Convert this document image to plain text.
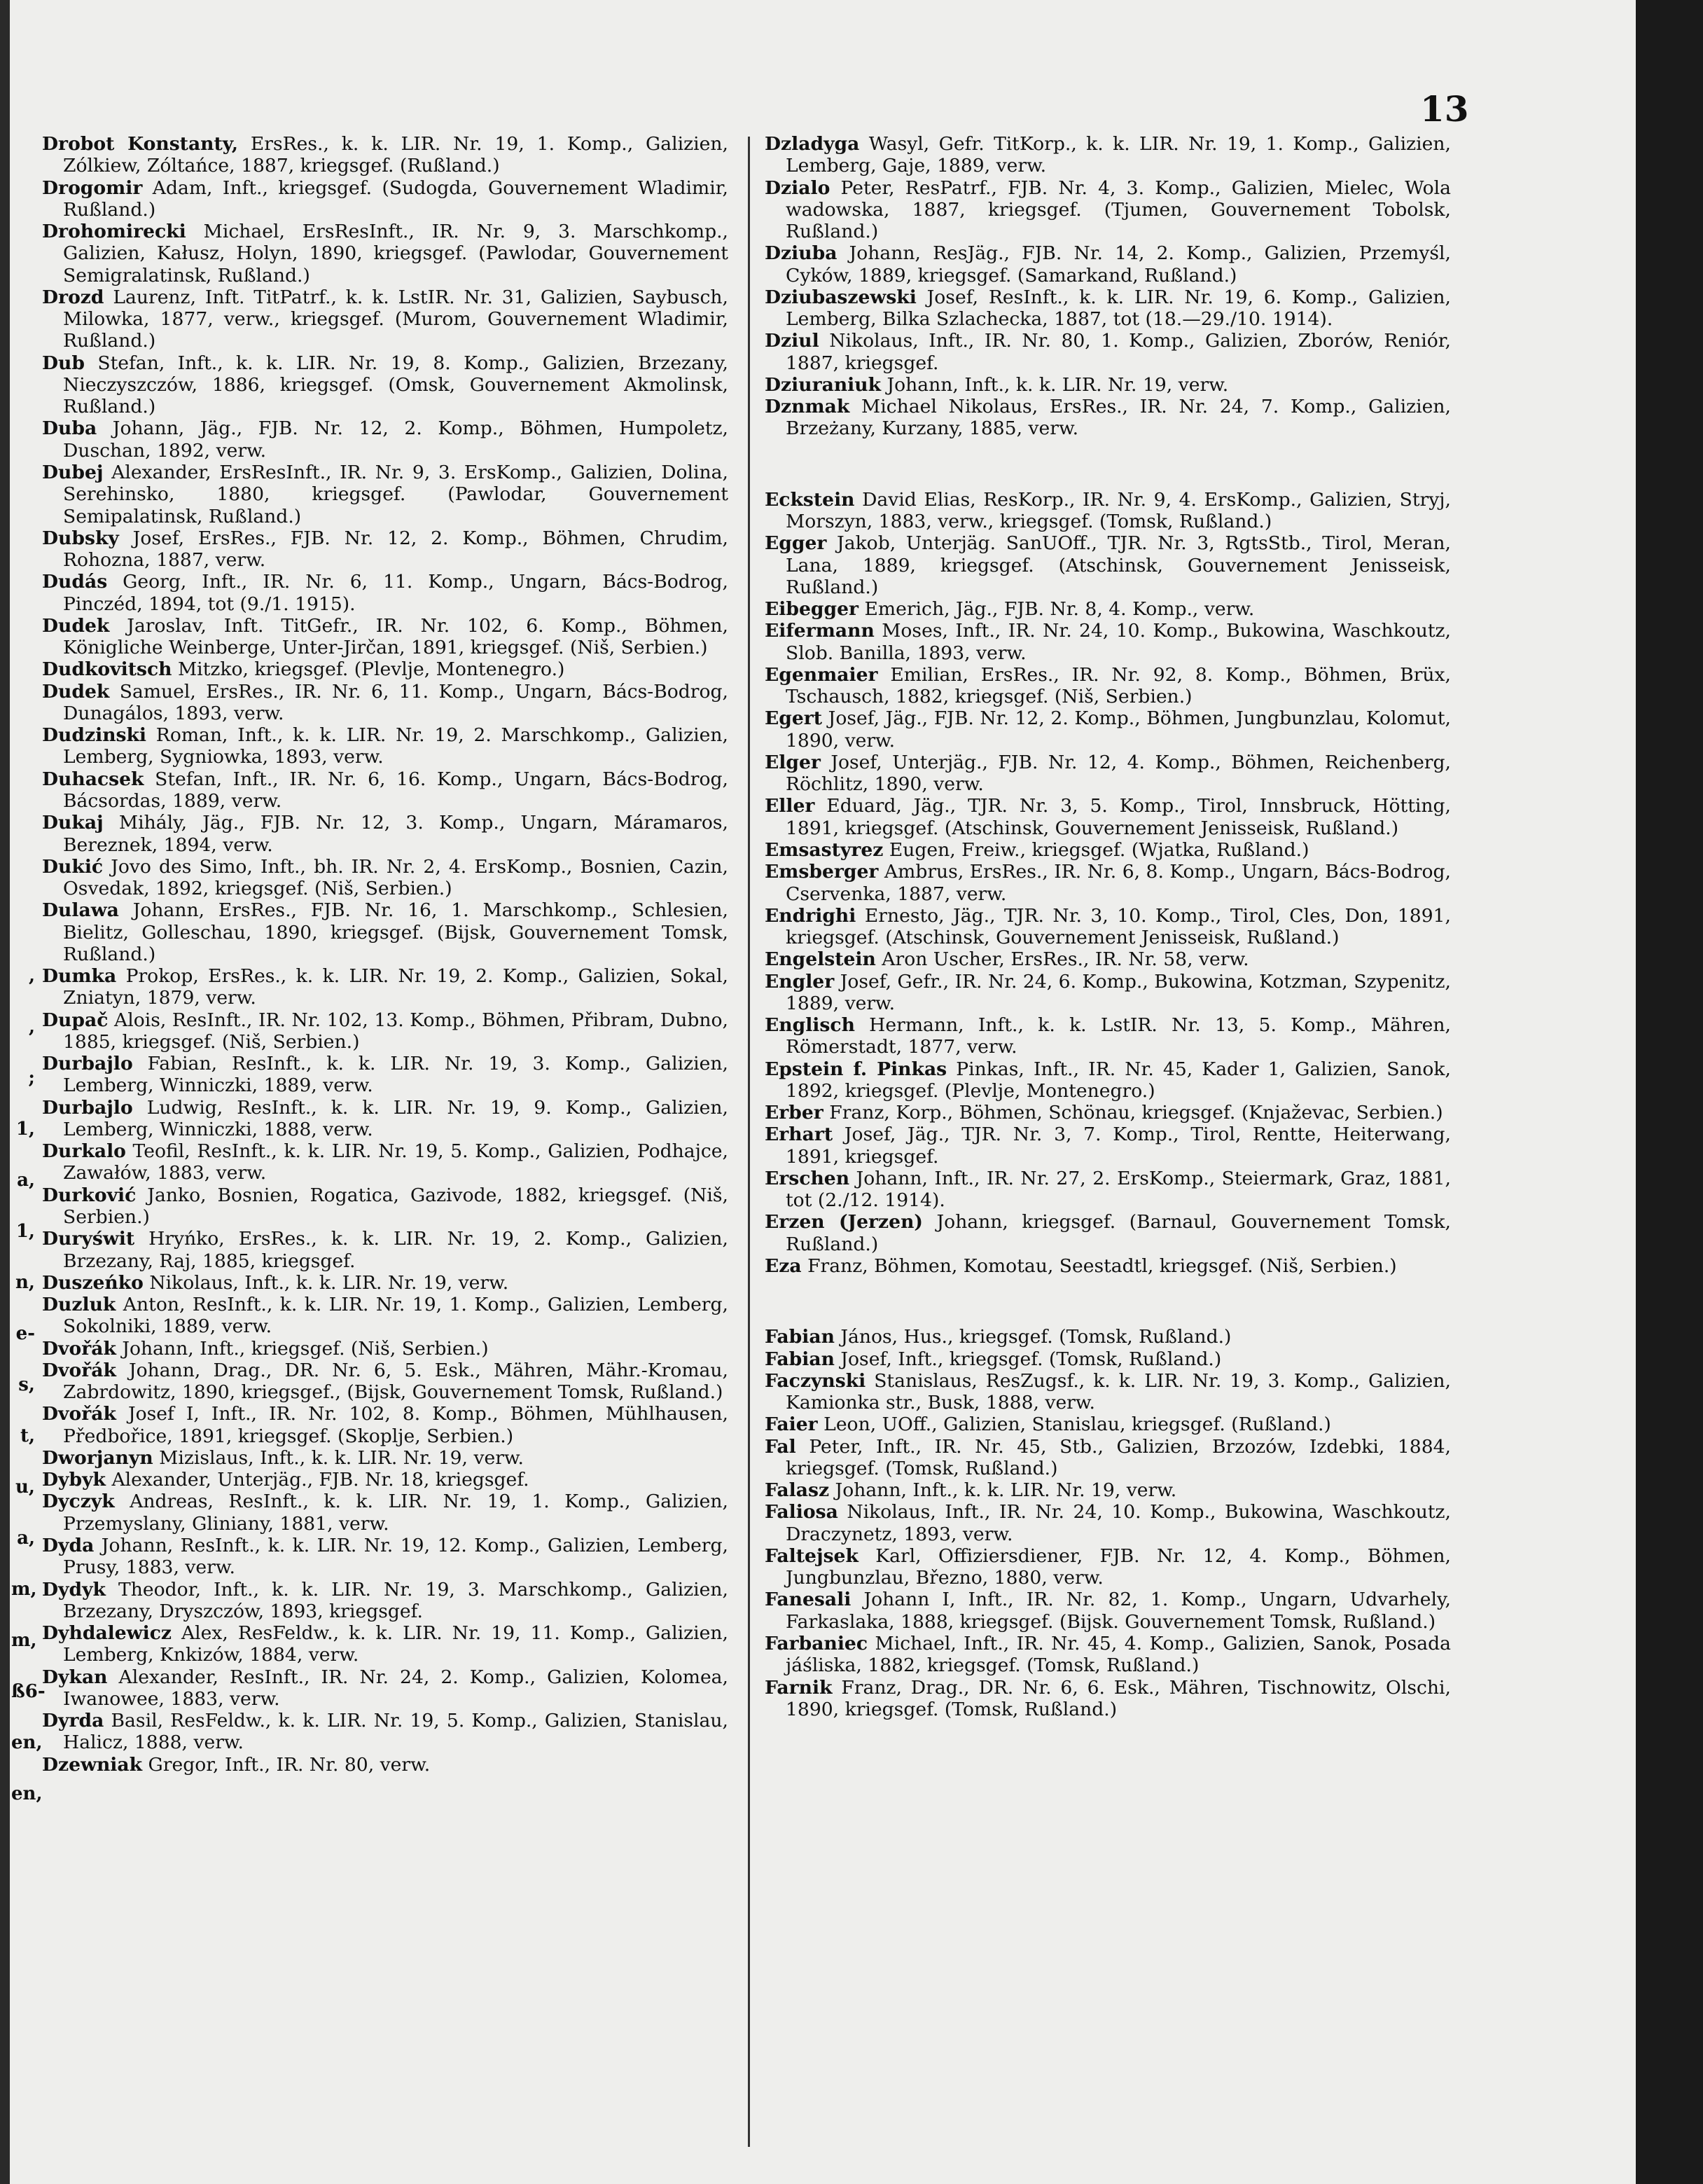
,
,
;
1,
a,
1,
n,
e-
s,
t,
u,
a,
m,
m,
ß6-
en,
en,
13

Drobot Konstanty, ErsRes., k. k. LIR. Nr. 19, 1. Komp., Galizien, Zólkiew, Zóltańce, 1887, kriegsgef. (Rußland.)

Drogomir Adam, Inft., kriegsgef. (Sudogda, Gouvernement Wladimir, Rußland.)

Drohomirecki Michael, ErsResInft., IR. Nr. 9, 3. Marschkomp., Galizien, Kałusz, Holyn, 1890, kriegsgef. (Pawlodar, Gouvernement Semigralatinsk, Rußland.)

Drozd Laurenz, Inft. TitPatrf., k. k. LstIR. Nr. 31, Galizien, Saybusch, Milowka, 1877, verw., kriegsgef. (Murom, Gouvernement Wladimir, Rußland.)

Dub Stefan, Inft., k. k. LIR. Nr. 19, 8. Komp., Galizien, Brzezany, Nieczyszczów, 1886, kriegsgef. (Omsk, Gouvernement Akmolinsk, Rußland.)

Duba Johann, Jäg., FJB. Nr. 12, 2. Komp., Böhmen, Humpoletz, Duschan, 1892, verw.

Dubej Alexander, ErsResInft., IR. Nr. 9, 3. ErsKomp., Galizien, Dolina, Serehinsko, 1880, kriegsgef. (Pawlodar, Gouvernement Semipalatinsk, Rußland.)

Dubsky Josef, ErsRes., FJB. Nr. 12, 2. Komp., Böhmen, Chrudim, Rohozna, 1887, verw.

Dudás Georg, Inft., IR. Nr. 6, 11. Komp., Ungarn, Bács-Bodrog, Pinczéd, 1894, tot (9./1. 1915).

Dudek Jaroslav, Inft. TitGefr., IR. Nr. 102, 6. Komp., Böhmen, Königliche Weinberge, Unter-Jirčan, 1891, kriegsgef. (Niš, Serbien.)

Dudkovitsch Mitzko, kriegsgef. (Plevlje, Montenegro.)

Dudek Samuel, ErsRes., IR. Nr. 6, 11. Komp., Ungarn, Bács-Bodrog, Dunagálos, 1893, verw.

Dudzinski Roman, Inft., k. k. LIR. Nr. 19, 2. Marschkomp., Galizien, Lemberg, Sygniowka, 1893, verw.

Duhacsek Stefan, Inft., IR. Nr. 6, 16. Komp., Ungarn, Bács-Bodrog, Bácsordas, 1889, verw.

Dukaj Mihály, Jäg., FJB. Nr. 12, 3. Komp., Ungarn, Máramaros, Bereznek, 1894, verw.

Dukić Jovo des Simo, Inft., bh. IR. Nr. 2, 4. ErsKomp., Bosnien, Cazin, Osvedak, 1892, kriegsgef. (Niš, Serbien.)

Dulawa Johann, ErsRes., FJB. Nr. 16, 1. Marschkomp., Schlesien, Bielitz, Golleschau, 1890, kriegsgef. (Bijsk, Gouvernement Tomsk, Rußland.)

Dumka Prokop, ErsRes., k. k. LIR. Nr. 19, 2. Komp., Galizien, Sokal, Zniatyn, 1879, verw.

Dupač Alois, ResInft., IR. Nr. 102, 13. Komp., Böhmen, Přibram, Dubno, 1885, kriegsgef. (Niš, Serbien.)

Durbajlo Fabian, ResInft., k. k. LIR. Nr. 19, 3. Komp., Galizien, Lemberg, Winniczki, 1889, verw.

Durbajlo Ludwig, ResInft., k. k. LIR. Nr. 19, 9. Komp., Galizien, Lemberg, Winniczki, 1888, verw.

Durkalo Teofil, ResInft., k. k. LIR. Nr. 19, 5. Komp., Galizien, Podhajce, Zawałów, 1883, verw.

Durković Janko, Bosnien, Rogatica, Gazivode, 1882, kriegsgef. (Niš, Serbien.)

Duryświt Hryńko, ErsRes., k. k. LIR. Nr. 19, 2. Komp., Galizien, Brzezany, Raj, 1885, kriegsgef.

Duszeńko Nikolaus, Inft., k. k. LIR. Nr. 19, verw.

Duzluk Anton, ResInft., k. k. LIR. Nr. 19, 1. Komp., Galizien, Lemberg, Sokolniki, 1889, verw.

Dvořák Johann, Inft., kriegsgef. (Niš, Serbien.)

Dvořák Johann, Drag., DR. Nr. 6, 5. Esk., Mähren, Mähr.-Kromau, Zabrdowitz, 1890, kriegsgef., (Bijsk, Gouvernement Tomsk, Rußland.)

Dvořák Josef I, Inft., IR. Nr. 102, 8. Komp., Böhmen, Mühlhausen, Předbořice, 1891, kriegsgef. (Skoplje, Serbien.)

Dworjanyn Mizislaus, Inft., k. k. LIR. Nr. 19, verw.

Dybyk Alexander, Unterjäg., FJB. Nr. 18, kriegsgef.

Dyczyk Andreas, ResInft., k. k. LIR. Nr. 19, 1. Komp., Galizien, Przemyslany, Gliniany, 1881, verw.

Dyda Johann, ResInft., k. k. LIR. Nr. 19, 12. Komp., Galizien, Lemberg, Prusy, 1883, verw.

Dydyk Theodor, Inft., k. k. LIR. Nr. 19, 3. Marschkomp., Galizien, Brzezany, Dryszczów, 1893, kriegsgef.

Dyhdalewicz Alex, ResFeldw., k. k. LIR. Nr. 19, 11. Komp., Galizien, Lemberg, Knkizów, 1884, verw.

Dykan Alexander, ResInft., IR. Nr. 24, 2. Komp., Galizien, Kolomea, Iwanowee, 1883, verw.

Dyrda Basil, ResFeldw., k. k. LIR. Nr. 19, 5. Komp., Galizien, Stanislau, Halicz, 1888, verw.

Dzewniak Gregor, Inft., IR. Nr. 80, verw.

Dzladyga Wasyl, Gefr. TitKorp., k. k. LIR. Nr. 19, 1. Komp., Galizien, Lemberg, Gaje, 1889, verw.

Dzialo Peter, ResPatrf., FJB. Nr. 4, 3. Komp., Galizien, Mielec, Wola wadowska, 1887, kriegsgef. (Tjumen, Gouvernement Tobolsk, Rußland.)

Dziuba Johann, ResJäg., FJB. Nr. 14, 2. Komp., Galizien, Przemyśl, Cyków, 1889, kriegsgef. (Samarkand, Rußland.)

Dziubaszewski Josef, ResInft., k. k. LIR. Nr. 19, 6. Komp., Galizien, Lemberg, Bilka Szlachecka, 1887, tot (18.—29./10. 1914).

Dziul Nikolaus, Inft., IR. Nr. 80, 1. Komp., Galizien, Zborów, Reniór, 1887, kriegsgef.

Dziuraniuk Johann, Inft., k. k. LIR. Nr. 19, verw.

Dznmak Michael Nikolaus, ErsRes., IR. Nr. 24, 7. Komp., Galizien, Brzeżany, Kurzany, 1885, verw.

Eckstein David Elias, ResKorp., IR. Nr. 9, 4. ErsKomp., Galizien, Stryj, Morszyn, 1883, verw., kriegsgef. (Tomsk, Rußland.)

Egger Jakob, Unterjäg. SanUOff., TJR. Nr. 3, RgtsStb., Tirol, Meran, Lana, 1889, kriegsgef. (Atschinsk, Gouvernement Jenisseisk, Rußland.)

Eibegger Emerich, Jäg., FJB. Nr. 8, 4. Komp., verw.

Eifermann Moses, Inft., IR. Nr. 24, 10. Komp., Bukowina, Waschkoutz, Slob. Banilla, 1893, verw.

Egenmaier Emilian, ErsRes., IR. Nr. 92, 8. Komp., Böhmen, Brüx, Tschausch, 1882, kriegsgef. (Niš, Serbien.)

Egert Josef, Jäg., FJB. Nr. 12, 2. Komp., Böhmen, Jungbunzlau, Kolomut, 1890, verw.

Elger Josef, Unterjäg., FJB. Nr. 12, 4. Komp., Böhmen, Reichenberg, Röchlitz, 1890, verw.

Eller Eduard, Jäg., TJR. Nr. 3, 5. Komp., Tirol, Innsbruck, Hötting, 1891, kriegsgef. (Atschinsk, Gouvernement Jenisseisk, Rußland.)

Emsastyrez Eugen, Freiw., kriegsgef. (Wjatka, Rußland.)

Emsberger Ambrus, ErsRes., IR. Nr. 6, 8. Komp., Ungarn, Bács-Bodrog, Cservenka, 1887, verw.

Endrighi Ernesto, Jäg., TJR. Nr. 3, 10. Komp., Tirol, Cles, Don, 1891, kriegsgef. (Atschinsk, Gouvernement Jenisseisk, Rußland.)

Engelstein Aron Uscher, ErsRes., IR. Nr. 58, verw.

Engler Josef, Gefr., IR. Nr. 24, 6. Komp., Bukowina, Kotzman, Szypenitz, 1889, verw.

Englisch Hermann, Inft., k. k. LstIR. Nr. 13, 5. Komp., Mähren, Römerstadt, 1877, verw.

Epstein f. Pinkas Pinkas, Inft., IR. Nr. 45, Kader 1, Galizien, Sanok, 1892, kriegsgef. (Plevlje, Montenegro.)

Erber Franz, Korp., Böhmen, Schönau, kriegsgef. (Knjaževac, Serbien.)

Erhart Josef, Jäg., TJR. Nr. 3, 7. Komp., Tirol, Rentte, Heiterwang, 1891, kriegsgef.

Erschen Johann, Inft., IR. Nr. 27, 2. ErsKomp., Steiermark, Graz, 1881, tot (2./12. 1914).

Erzen (Jerzen) Johann, kriegsgef. (Barnaul, Gouvernement Tomsk, Rußland.)

Eza Franz, Böhmen, Komotau, Seestadtl, kriegsgef. (Niš, Serbien.)

Fabian János, Hus., kriegsgef. (Tomsk, Rußland.)

Fabian Josef, Inft., kriegsgef. (Tomsk, Rußland.)

Faczynski Stanislaus, ResZugsf., k. k. LIR. Nr. 19, 3. Komp., Galizien, Kamionka str., Busk, 1888, verw.

Faier Leon, UOff., Galizien, Stanislau, kriegsgef. (Rußland.)

Fal Peter, Inft., IR. Nr. 45, Stb., Galizien, Brzozów, Izdebki, 1884, kriegsgef. (Tomsk, Rußland.)

Falasz Johann, Inft., k. k. LIR. Nr. 19, verw.

Faliosa Nikolaus, Inft., IR. Nr. 24, 10. Komp., Bukowina, Waschkoutz, Draczynetz, 1893, verw.

Faltejsek Karl, Offiziersdiener, FJB. Nr. 12, 4. Komp., Böhmen, Jungbunzlau, Březno, 1880, verw.

Fanesali Johann I, Inft., IR. Nr. 82, 1. Komp., Ungarn, Udvarhely, Farkaslaka, 1888, kriegsgef. (Bijsk. Gouvernement Tomsk, Rußland.)

Farbaniec Michael, Inft., IR. Nr. 45, 4. Komp., Galizien, Sanok, Posada jáśliska, 1882, kriegsgef. (Tomsk, Rußland.)

Farnik Franz, Drag., DR. Nr. 6, 6. Esk., Mähren, Tischnowitz, Olschi, 1890, kriegsgef. (Tomsk, Rußland.)
